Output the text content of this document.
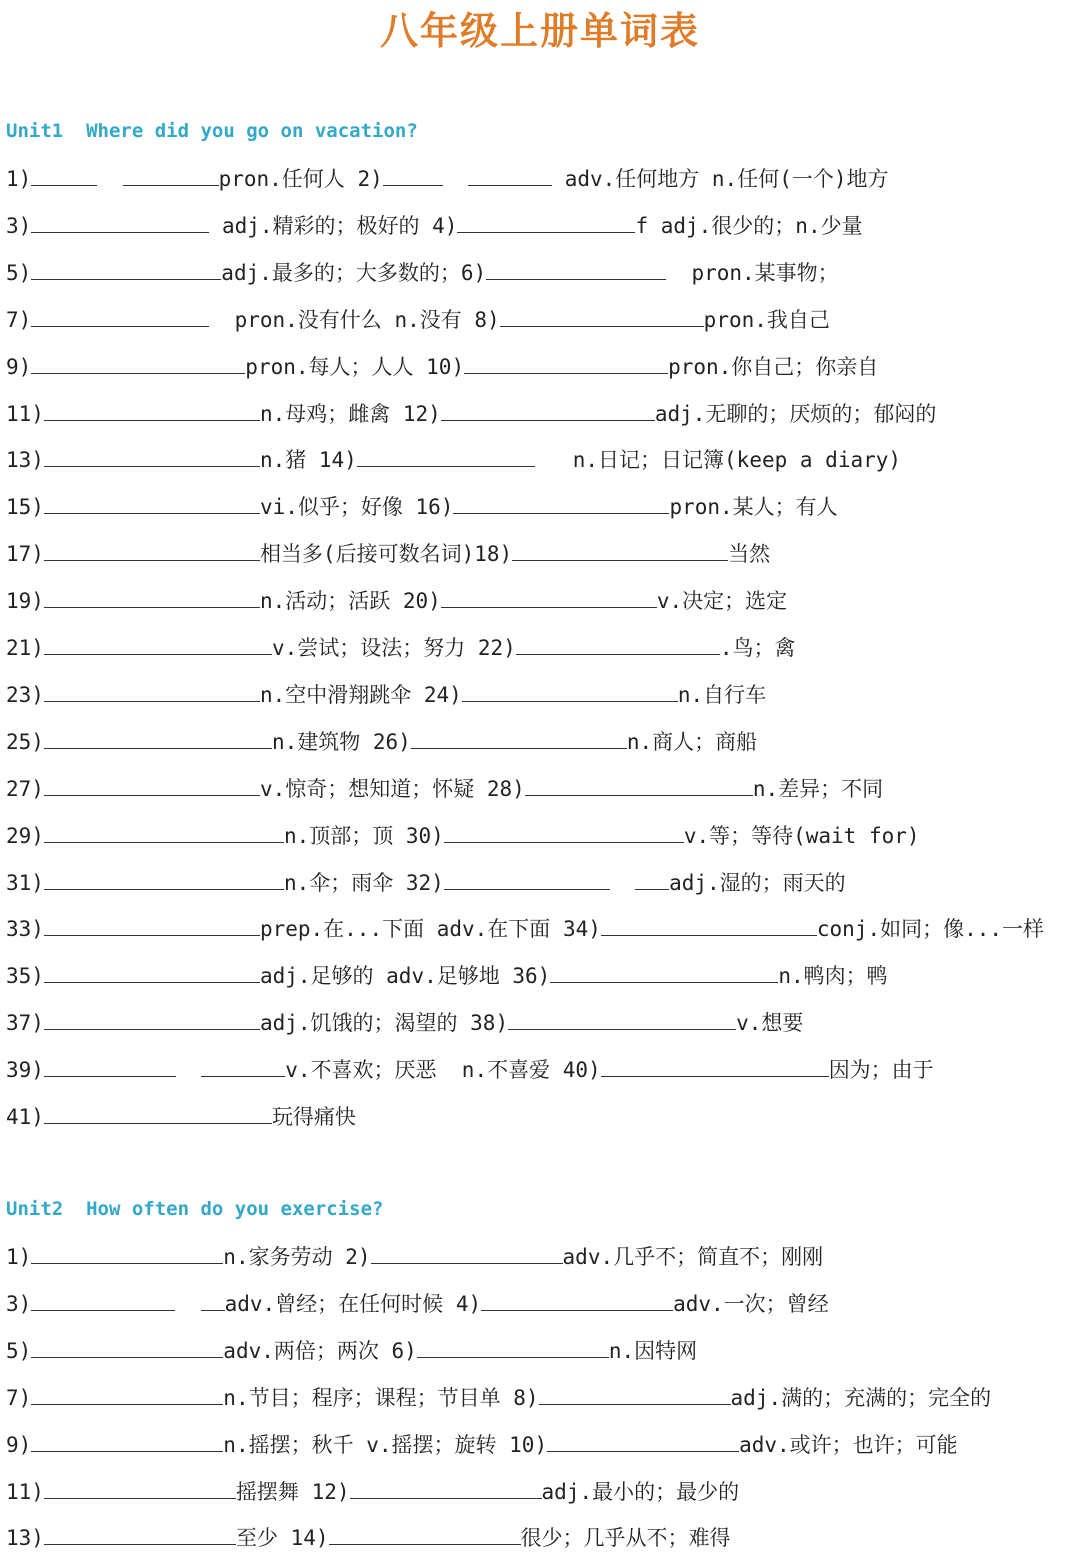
八年级上册单词表
Unit1  Where did you go on vacation?
1)	pron.任何人 2)	adv.任何地方 n.任何(一个)地方
3)	adj.精彩的；极好的 4)	f adj.很少的；n.少量
5)	adj.最多的；大多数的；6)	pron.某事物；
7)	pron.没有什么 n.没有 8)	pron.我自己
9)	pron.每人；人人 10)	pron.你自己；你亲自
11)	n.母鸡；雌禽 12)	adj.无聊的；厌烦的；郁闷的
13)	n.猪 14)	n.日记；日记簿(keep a diary)
15)	vi.似乎；好像 16)	pron.某人；有人
17)	相当多(后接可数名词)18)	当然
19)	n.活动；活跃 20)	v.决定；选定
21)	v.尝试；设法；努力 22)	.鸟；禽
23)	n.空中滑翔跳伞 24)	n.自行车
25)	n.建筑物 26)	n.商人；商船
27)	v.惊奇；想知道；怀疑 28)	n.差异；不同
29)	n.顶部；顶 30)	v.等；等待(wait for)
31)	n.伞；雨伞 32)	adj.湿的；雨天的
33)	prep.在...下面 adv.在下面 34)	conj.如同；像...一样
35)	adj.足够的 adv.足够地 36)	n.鸭肉；鸭
37)	adj.饥饿的；渴望的 38)	v.想要
39)	v.不喜欢；厌恶  n.不喜爱 40)	因为；由于
41)	玩得痛快
Unit2  How often do you exercise?
1)	n.家务劳动 2)	adv.几乎不；简直不；刚刚
3)	adv.曾经；在任何时候 4)	adv.一次；曾经
5)	adv.两倍；两次 6)	n.因特网
7)	n.节目；程序；课程；节目单 8)	adj.满的；充满的；完全的
9)	n.摇摆；秋千 v.摇摆；旋转 10)	adv.或许；也许；可能
11)	摇摆舞 12)	adj.最小的；最少的
13)	至少 14)	很少；几乎从不；难得
